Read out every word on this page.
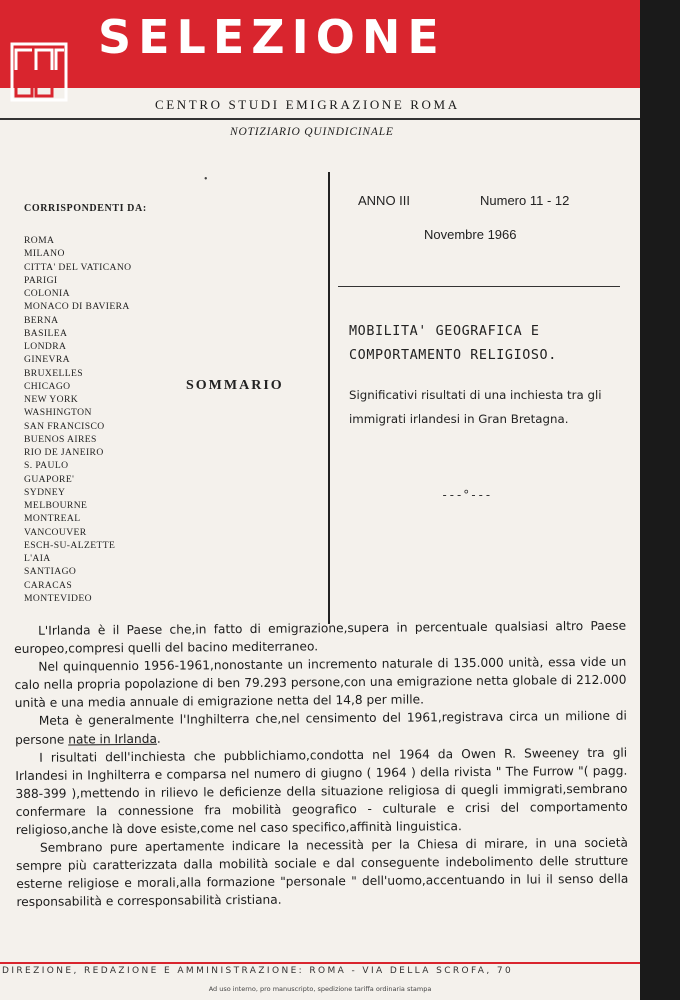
SELEZIONE
CENTRO STUDI EMIGRAZIONE ROMA
NOTIZIARIO QUINDICINALE
•
CORRISPONDENTI DA:
ROMA
MILANO
CITTA' DEL VATICANO
PARIGI
COLONIA
MONACO DI BAVIERA
BERNA
BASILEA
LONDRA
GINEVRA
BRUXELLES
CHICAGO
NEW YORK
WASHINGTON
SAN FRANCISCO
BUENOS AIRES
RIO DE JANEIRO
S. PAULO
GUAPORE'
SYDNEY
MELBOURNE
MONTREAL
VANCOUVER
ESCH-SU-ALZETTE
L'AIA
SANTIAGO
CARACAS
MONTEVIDEO
SOMMARIO
ANNO III	Numero 11 - 12
Novembre 1966
MOBILITA' GEOGRAFICA E
COMPORTAMENTO RELIGIOSO.

Significativi risultati di una inchiesta tra gli immigrati irlandesi in Gran Bretagna.

---°---

L'Irlanda è il Paese che,in fatto di emigrazione,supera in percentuale qualsiasi altro Paese europeo,compresi quelli del bacino mediterraneo.

Nel quinquennio 1956-1961,nonostante un incremento naturale di 135.000 unità, essa vide un calo nella propria popolazione di ben 79.293 persone,con una emigrazione netta globale di 212.000 unità e una media annuale di emigrazione netta del 14,8 per mille.

Meta è generalmente l'Inghilterra che,nel censimento del 1961,registrava circa un milione di persone nate in Irlanda.

I risultati dell'inchiesta che pubblichiamo,condotta nel 1964 da Owen R. Sweeney tra gli Irlandesi in Inghilterra e comparsa nel numero di giugno ( 1964 ) della rivista " The Furrow "( pagg. 388-399 ),mettendo in rilievo le deficienze della situazione religiosa di quegli immigrati,sembrano confermare la connessione fra mobilità geografico - culturale e crisi del comportamento religioso,anche là dove esiste,come nel caso specifico,affinità linguistica.

Sembrano pure apertamente indicare la necessità per la Chiesa di mirare, in una società sempre più caratterizzata dalla mobilità sociale e dal conseguente indebolimento delle strutture esterne religiose e morali,alla formazione "personale " dell'uomo,accentuando in lui il senso della responsabilità e corresponsabilità cristiana.

DIREZIONE, REDAZIONE E AMMINISTRAZIONE: ROMA - VIA DELLA SCROFA, 70
Ad uso interno, pro manuscripto, spedizione tariffa ordinaria stampa
